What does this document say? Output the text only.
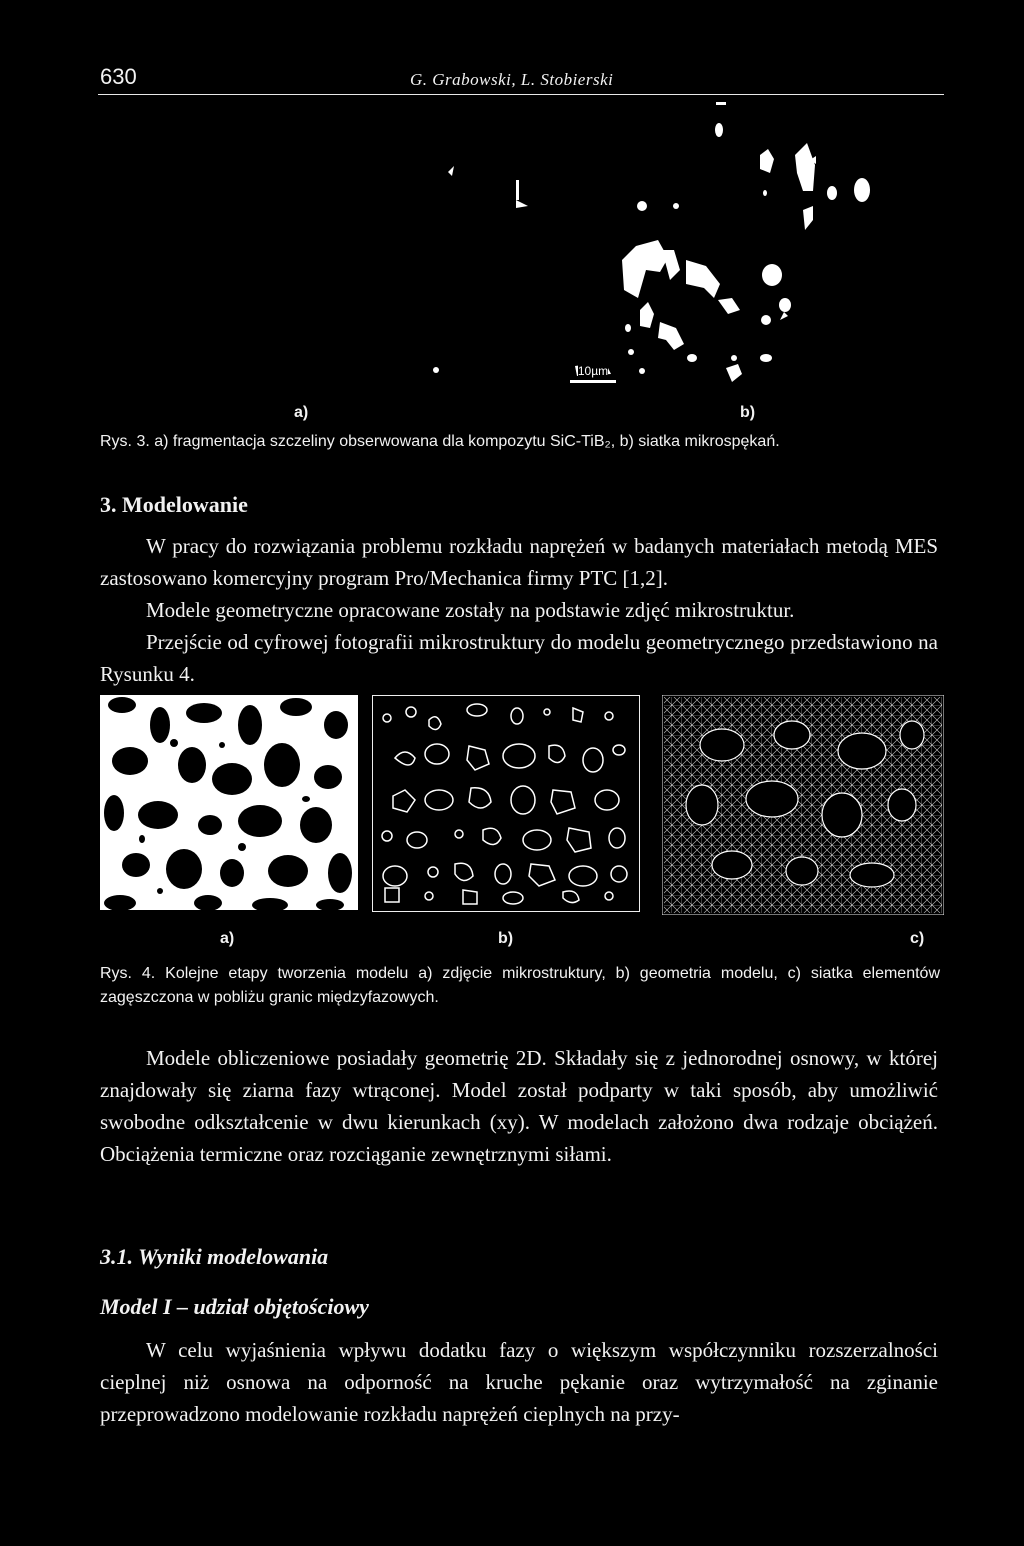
630	G. Grabowski, L. Stobierski
10µm
a)	b)
Rys. 3. a) fragmentacja szczeliny obserwowana dla kompozytu SiC-TiB₂, b) siatka mikrospękań.
3. Modelowanie

W pracy do rozwiązania problemu rozkładu naprężeń w badanych materiałach metodą MES zastosowano komercyjny program Pro/Mechanica firmy PTC [1,2].

Modele geometryczne opracowane zostały na podstawie zdjęć mikrostruktur.

Przejście od cyfrowej fotografii mikrostruktury do modelu geometrycznego przedstawiono na Rysunku 4.

a)	b)	c)
Rys. 4. Kolejne etapy tworzenia modelu a) zdjęcie mikrostruktury, b) geometria modelu, c) siatka elementów zagęszczona w pobliżu granic międzyfazowych.
Modele obliczeniowe posiadały geometrię 2D. Składały się z jednorodnej osnowy, w której znajdowały się ziarna fazy wtrąconej. Model został podparty w taki sposób, aby umożliwić swobodne odkształcenie w dwu kierunkach (xy). W modelach założono dwa rodzaje obciążeń. Obciążenia termiczne oraz rozciąganie zewnętrznymi siłami.
3.1. Wyniki modelowania
Model I – udział objętościowy
W celu wyjaśnienia wpływu dodatku fazy o większym współczynniku rozszerzalności cieplnej niż osnowa na odporność na kruche pękanie oraz wytrzymałość na zginanie przeprowadzono modelowanie rozkładu naprężeń cieplnych na przy-
